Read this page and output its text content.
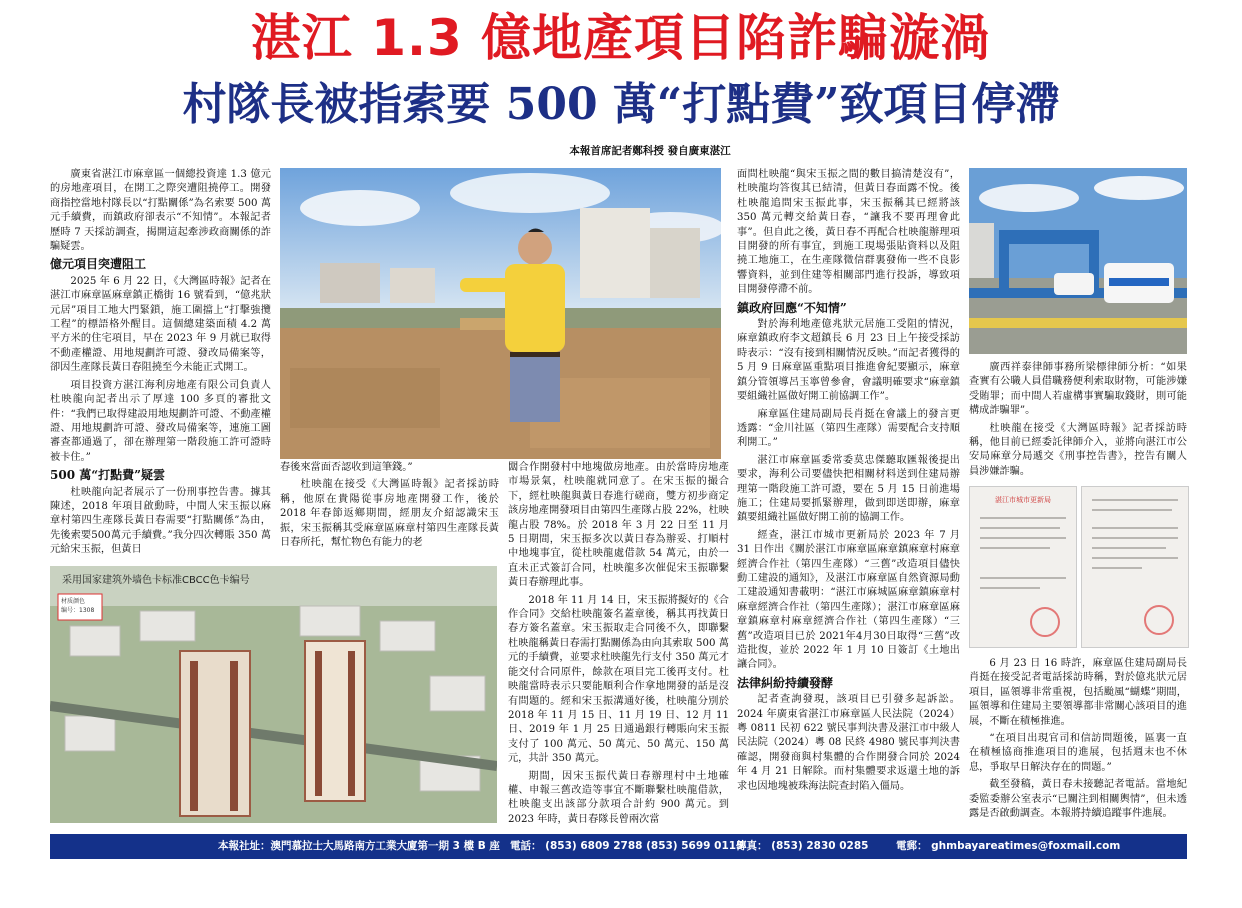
湛江 1.3 億地產項目陷詐騙漩渦
村隊長被指索要 500 萬“打點費”致項目停滯
本報首席記者鄭科授 發自廣東湛江

廣東省湛江市麻章區一個總投資達 1.3 億元的房地產項目，在開工之際突遭阻撓停工。開發商指控當地村隊長以“打點關係”為名索要 500 萬元手續費，而鎮政府卻表示“不知情”。本報記者歷時 7 天採訪調查，揭開這起牽涉政商關係的詐騙疑雲。

億元項目突遭阻工

2025 年 6 月 22 日，《大灣區時報》記者在湛江市麻章區麻章鎮正橋街 16 號看到，“億兆狀元居”項目工地大門緊鎖，施工圍擋上“打擊強攬工程”的標語格外醒目。這個總建築面積 4.2 萬平方米的住宅項目，早在 2023 年 9 月就已取得不動產權證、用地規劃許可證、發改局備案等，卻因生產隊長黃日春阻撓至今未能正式開工。

項目投資方湛江海利房地產有限公司負責人杜映龍向記者出示了厚達 100 多頁的審批文件：“我們已取得建設用地規劃許可證、不動產權證、用地規劃許可證、發改局備案等，連施工圖審查都通過了，卻在辦理第一階段施工許可證時被卡住。”

500 萬“打點費”疑雲

杜映龍向記者展示了一份刑事控告書。據其陳述，2018 年項目啟動時，中間人宋玉振以麻章村第四生產隊長黃日春需要“打點關係”為由，先後索要500萬元手續費。”我分四次轉賬 350 萬元給宋玉振，但黃日

春後來當面否認收到這筆錢。”

杜映龍在接受《大灣區時報》記者採訪時稱，他原在貴陽從事房地產開發工作，後於 2018 年春節返鄉期間，經朋友介紹認識宋玉振，宋玉振稱其受麻章區麻章村第四生產隊長黃日春所托，幫忙物色有能力的老

闆合作開發村中地塊做房地產。由於當時房地產市場景氣，杜映龍就同意了。在宋玉振的撮合下，經杜映龍與黃日春進行磋商，雙方初步商定該房地產開發項目由第四生產隊占股 22%，杜映龍占股 78%。於 2018 年 3 月 22 日至 11 月 5 日期間，宋玉振多次以黃日春為辦妥、打順村中地塊事宜，從杜映龍處借款 54 萬元，由於一直未正式簽訂合同，杜映龍多次催促宋玉振聯繫黃日春辦理此事。

2018 年 11 月 14 日，宋玉振將擬好的《合作合同》交給杜映龍簽名蓋章後，稱其再找黃日春方簽名蓋章。宋玉振取走合同後不久，即聯繫杜映龍稱黃日春需打點關係為由向其索取 500 萬元的手續費，並要求杜映龍先行支付 350 萬元才能交付合同原件，餘款在項目完工後再支付。杜映龍當時表示只要能順利合作拿地開發的話是沒有問題的。經和宋玉振溝通好後，杜映龍分別於 2018 年 11 月 15 日、11 月 19 日、12 月 11 日、2019 年 1 月 25 日通過銀行轉賬向宋玉振支付了 100 萬元、50 萬元、50 萬元、150 萬元，共計 350 萬元。

期間，因宋玉振代黃日春辦理村中土地確權、申報三舊改造等事宜不斷聯繫杜映龍借款，杜映龍支出該部分款項合計約 900 萬元。到 2023 年時，黃日春隊長曾兩次當

材质颜色
编号：1308
采用国家建筑外墙色卡标准CBCC色卡编号

面問杜映龍“與宋玉振之間的數目搞清楚沒有”，杜映龍均答復其已結清，但黃日春面露不悅。後杜映龍追問宋玉振此事，宋玉振稱其已經將該 350 萬元轉交給黃日春，“讓我不要再理會此事”。但自此之後，黃日春不再配合杜映龍辦理項目開發的所有事宜，到施工現場張貼資料以及阻撓工地施工，在生產隊微信群裏發佈一些不良影響資料，並到住建等相關部門進行投訴，導致項目開發停滯不前。

鎮政府回應“不知情”

對於海利地產億兆狀元居施工受阻的情況，麻章鎮政府李文超鎮長 6 月 23 日上午接受採訪時表示：“沒有接到相關情況反映。”而記者獲得的 5 月 9 日麻章區重點項目推進會紀要顯示，麻章鎮分管領導呂玉寧曾參會，會議明確要求“麻章鎮要組織社區做好開工前協調工作”。

麻章區住建局副局長肖挺在會議上的發言更透露：“金川社區（第四生產隊）需要配合支持順利開工。”

湛江市麻章區委常委莫忠傑聽取匯報後提出要求，海利公司要儘快把相關材料送到住建局辦理第一階段施工許可證，要在 5 月 15 日前進場施工；住建局要抓緊辦理，做到即送即辦，麻章鎮要組織社區做好開工前的協調工作。

經查，湛江市城市更新局於 2023 年 7 月 31 日作出《關於湛江市麻章區麻章鎮麻章村麻章經濟合作社（第四生產隊）“三舊”改造項目儘快動工建設的通知》，及湛江市麻章區自然資源局動工建設通知書載明：“湛江市麻城區麻章鎮麻章村麻章經濟合作社（第四生產隊）；湛江市麻章區麻章鎮麻章村麻章經濟合作社（第四生產隊）“三舊”改造項目已於 2021年4月30日取得“三舊”改造批復，並於 2022 年 1 月 10 日簽訂《土地出讓合同》。

法律糾紛持續發酵

記者查詢發現，該項目已引發多起訴訟。2024 年廣東省湛江市麻章區人民法院（2024）粵 0811 民初 622 號民事判決書及湛江市中級人民法院（2024）粵 08 民終 4980 號民事判決書確認，開發商與村集體的合作開發合同於 2024 年 4 月 21 日解除。而村集體要求返還土地的訴求也因地塊被珠海法院查封陷入僵局。

廣西祥泰律師事務所梁標律師分析：“如果查實有公職人員借職務便利索取財物，可能涉嫌受賄罪；而中間人若虛構事實騙取錢財，則可能構成詐騙罪”。

杜映龍在接受《大灣區時報》記者採訪時稱，他目前已經委託律師介入，並將向湛江市公安局麻章分局遞交《刑事控告書》，控告有關人員涉嫌詐騙。

湛江市城市更新局

6 月 23 日 16 時許，麻章區住建局副局長肖挺在接受記者電話採訪時稱，對於億兆狀元居項目，區領導非常重視，包括颱風“蝴蝶”期間，區領導和住建局主要領導都非常關心該項目的進展，不斷在積極推進。

“在項目出現官司和信訪問題後，區裏一直在積極協商推進項目的進展，包括週末也不休息，爭取早日解決存在的問題。”

截至發稿，黃日春未接聽記者電話。當地紀委監委辦公室表示“已關注到相關輿情”，但未透露是否啟動調查。本報將持續追蹤事件進展。

本報社址：澳門慕拉士大馬路南方工業大廈第一期 3 樓 B 座 電話： (853) 6809 2788 (853) 5699 0115
傳真： (853) 2830 0285	電郵： ghmbayareatimes@foxmail.com
